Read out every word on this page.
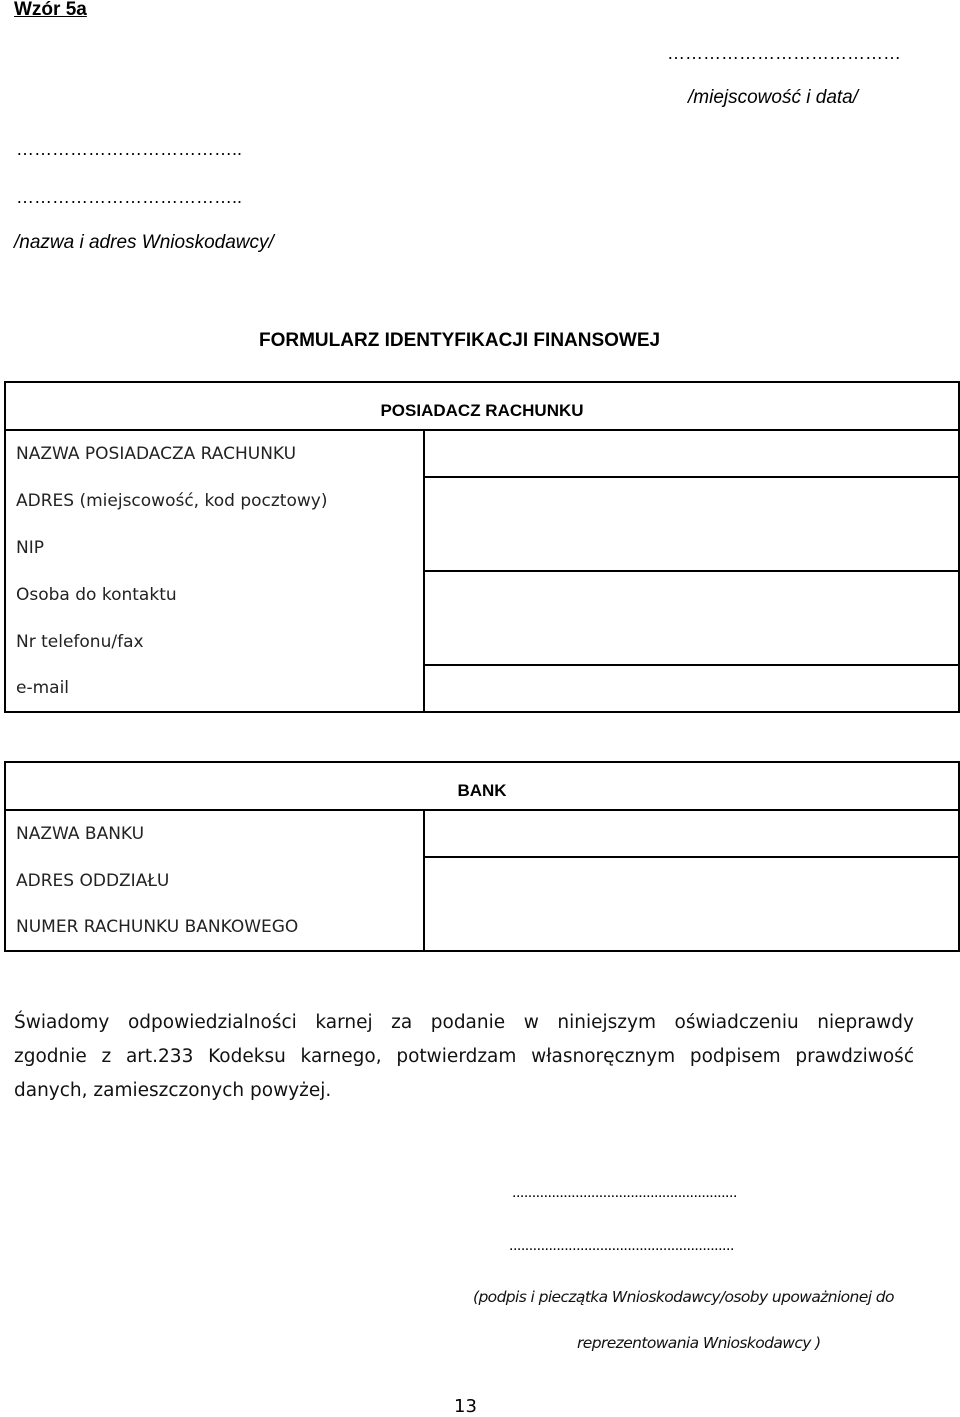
Wzór 5a
…………………………………
/miejscowość i data/
………………………………..
………………………………..
/nazwa i adres Wnioskodawcy/
FORMULARZ IDENTYFIKACJI FINANSOWEJ
POSIADACZ RACHUNKU	
NAZWA POSIADACZA RACHUNKU	
ADRES (miejscowość, kod pocztowy)	
NIP	
Osoba do kontaktu	
Nr telefonu/fax	
e-mail	
BANK	
NAZWA BANKU	
ADRES ODDZIAŁU	
NUMER RACHUNKU BANKOWEGO	
Świadomy odpowiedzialności karnej za podanie w niniejszym oświadczeniu nieprawdy
zgodnie z art.233 Kodeksu karnego, potwierdzam własnoręcznym podpisem prawdziwość
danych, zamieszczonych powyżej.
.........................................................
.........................................................
(podpis i pieczątka Wnioskodawcy/osoby upoważnionej do
reprezentowania Wnioskodawcy )
13
